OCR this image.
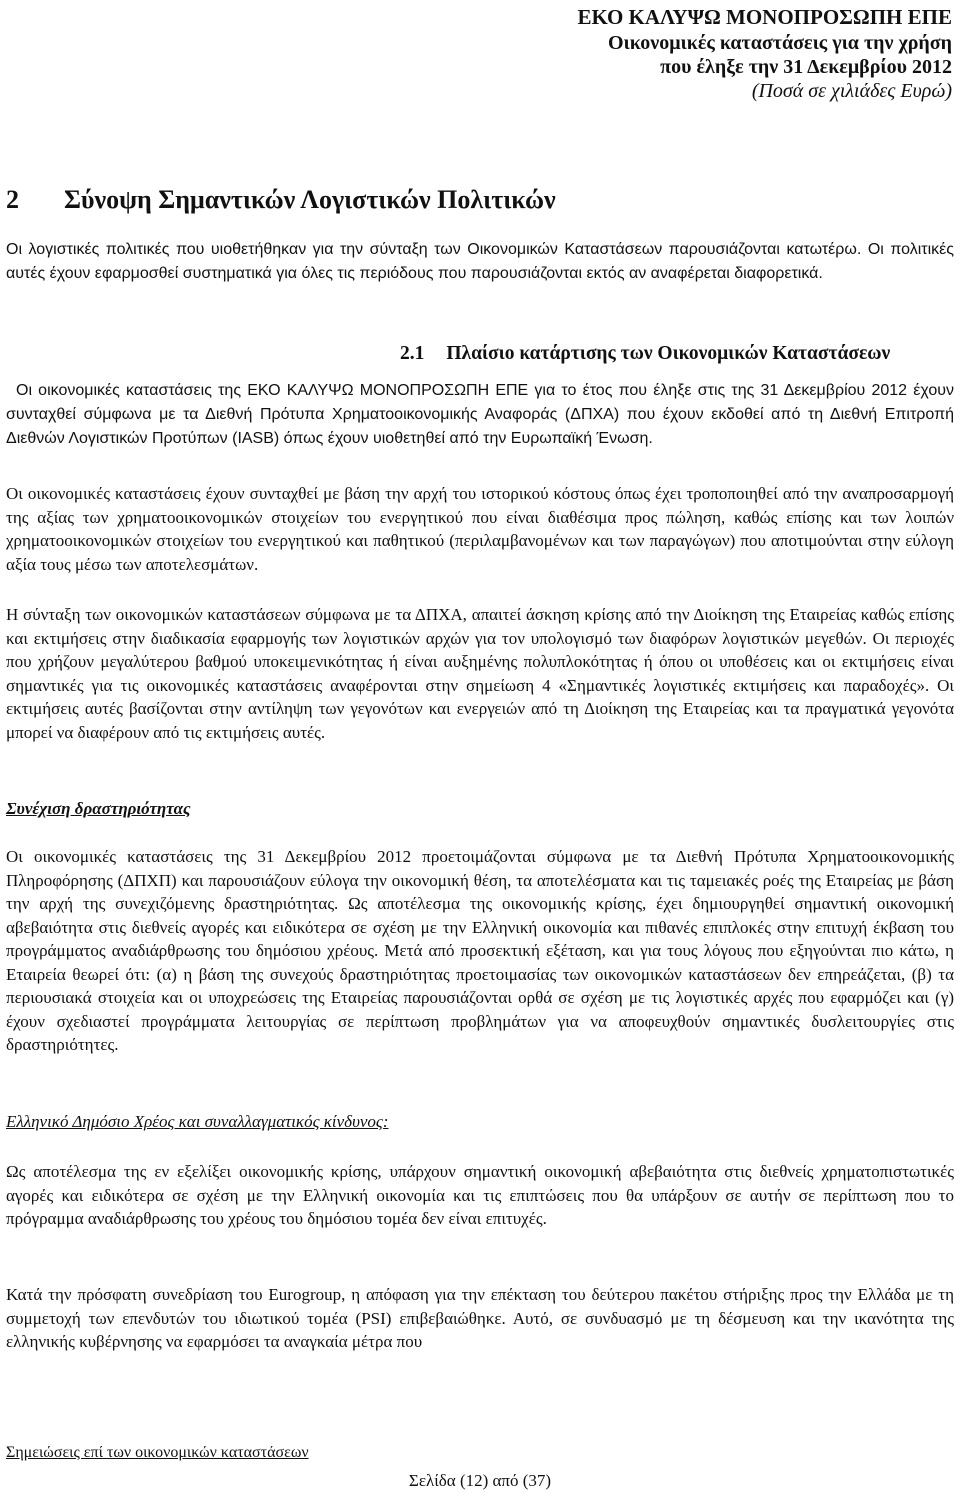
ΕΚΟ ΚΑΛΥΨΩ ΜΟΝΟΠΡΟΣΩΠΗ ΕΠΕ
Οικονομικές καταστάσεις για την χρήση
που έληξε την 31 Δεκεμβρίου 2012
(Ποσά σε χιλιάδες Ευρώ)
2 Σύνοψη Σημαντικών Λογιστικών Πολιτικών

Οι λογιστικές πολιτικές που υιοθετήθηκαν για την σύνταξη των Οικονομικών Καταστάσεων παρουσιάζονται κατωτέρω. Οι πολιτικές αυτές έχουν εφαρμοσθεί συστηματικά για όλες τις περιόδους που παρουσιάζονται εκτός αν αναφέρεται διαφορετικά.

2.1 Πλαίσιο κατάρτισης των Οικονομικών Καταστάσεων

Οι οικονομικές καταστάσεις της ΕΚΟ ΚΑΛΥΨΩ ΜΟΝΟΠΡΟΣΩΠΗ ΕΠΕ για το έτος που έληξε στις της 31 Δεκεμβρίου 2012 έχουν συνταχθεί σύμφωνα με τα Διεθνή Πρότυπα Χρηματοοικονομικής Αναφοράς (ΔΠΧΑ) που έχουν εκδοθεί από τη Διεθνή Επιτροπή Διεθνών Λογιστικών Προτύπων (IASB) όπως έχουν υιοθετηθεί από την Ευρωπαϊκή Ένωση.

Οι οικονομικές καταστάσεις έχουν συνταχθεί με βάση την αρχή του ιστορικού κόστους όπως έχει τροποποιηθεί από την αναπροσαρμογή της αξίας των χρηματοοικονομικών στοιχείων του ενεργητικού που είναι διαθέσιμα προς πώληση, καθώς επίσης και των λοιπών χρηματοοικονομικών στοιχείων του ενεργητικού και παθητικού (περιλαμβανομένων και των παραγώγων) που αποτιμούνται στην εύλογη αξία τους μέσω των αποτελεσμάτων.

Η σύνταξη των οικονομικών καταστάσεων σύμφωνα με τα ΔΠΧΑ, απαιτεί άσκηση κρίσης από την Διοίκηση της Εταιρείας καθώς επίσης και εκτιμήσεις στην διαδικασία εφαρμογής των λογιστικών αρχών για τον υπολογισμό των διαφόρων λογιστικών μεγεθών. Οι περιοχές που χρήζουν μεγαλύτερου βαθμού υποκειμενικότητας ή είναι αυξημένης πολυπλοκότητας ή όπου οι υποθέσεις και οι εκτιμήσεις είναι σημαντικές για τις οικονομικές καταστάσεις αναφέρονται στην σημείωση 4 «Σημαντικές λογιστικές εκτιμήσεις και παραδοχές». Οι εκτιμήσεις αυτές βασίζονται στην αντίληψη των γεγονότων και ενεργειών από τη Διοίκηση της Εταιρείας και τα πραγματικά γεγονότα μπορεί να διαφέρουν από τις εκτιμήσεις αυτές.

Συνέχιση δραστηριότητας

Οι οικονομικές καταστάσεις της 31 Δεκεμβρίου 2012 προετοιμάζονται σύμφωνα με τα Διεθνή Πρότυπα Χρηματοοικονομικής Πληροφόρησης (ΔΠΧΠ) και παρουσιάζουν εύλογα την οικονομική θέση, τα αποτελέσματα και τις ταμειακές ροές της Εταιρείας με βάση την αρχή της συνεχιζόμενης δραστηριότητας. Ως αποτέλεσμα της οικονομικής κρίσης, έχει δημιουργηθεί σημαντική οικονομική αβεβαιότητα στις διεθνείς αγορές και ειδικότερα σε σχέση με την Ελληνική οικονομία και πιθανές επιπλοκές στην επιτυχή έκβαση του προγράμματος αναδιάρθρωσης του δημόσιου χρέους. Μετά από προσεκτική εξέταση, και για τους λόγους που εξηγούνται πιο κάτω, η Εταιρεία θεωρεί ότι: (α) η βάση της συνεχούς δραστηριότητας προετοιμασίας των οικονομικών καταστάσεων δεν επηρεάζεται, (β) τα περιουσιακά στοιχεία και οι υποχρεώσεις της Εταιρείας παρουσιάζονται ορθά σε σχέση με τις λογιστικές αρχές που εφαρμόζει και (γ) έχουν σχεδιαστεί προγράμματα λειτουργίας σε περίπτωση προβλημάτων για να αποφευχθούν σημαντικές δυσλειτουργίες στις δραστηριότητες.

Ελληνικό Δημόσιο Χρέος και συναλλαγματικός κίνδυνος:

Ως αποτέλεσμα της εν εξελίξει οικονομικής κρίσης, υπάρχουν σημαντική οικονομική αβεβαιότητα στις διεθνείς χρηματοπιστωτικές αγορές και ειδικότερα σε σχέση με την Ελληνική οικονομία και τις επιπτώσεις που θα υπάρξουν σε αυτήν σε περίπτωση που το πρόγραμμα αναδιάρθρωσης του χρέους του δημόσιου τομέα δεν είναι επιτυχές.

Κατά την πρόσφατη συνεδρίαση του Eurogroup, η απόφαση για την επέκταση του δεύτερου πακέτου στήριξης προς την Ελλάδα με τη συμμετοχή των επενδυτών του ιδιωτικού τομέα (PSI) επιβεβαιώθηκε. Αυτό, σε συνδυασμό με τη δέσμευση και την ικανότητα της ελληνικής κυβέρνησης να εφαρμόσει τα αναγκαία μέτρα που

Σημειώσεις επί των οικονομικών καταστάσεων
Σελίδα (12) από (37)
